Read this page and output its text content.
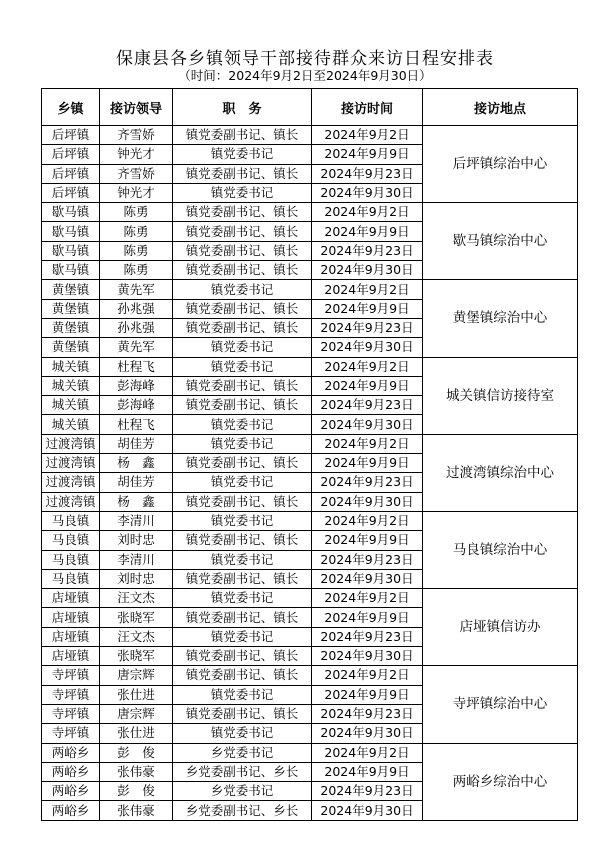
保康县各乡镇领导干部接待群众来访日程安排表
（时间：2024年9月2日至2024年9月30日）
乡镇	接访领导	职　务	接访时间	接访地点
后坪镇	齐雪娇	镇党委副书记、镇长	2024年9月2日	后坪镇综治中心
后坪镇	钟光才	镇党委书记	2024年9月9日	
后坪镇	齐雪娇	镇党委副书记、镇长	2024年9月23日	
后坪镇	钟光才	镇党委书记	2024年9月30日	
歇马镇	陈勇	镇党委副书记、镇长	2024年9月2日	歇马镇综治中心
歇马镇	陈勇	镇党委副书记、镇长	2024年9月9日	
歇马镇	陈勇	镇党委副书记、镇长	2024年9月23日	
歇马镇	陈勇	镇党委副书记、镇长	2024年9月30日	
黄堡镇	黄先军	镇党委书记	2024年9月2日	黄堡镇综治中心
黄堡镇	孙兆强	镇党委副书记、镇长	2024年9月9日	
黄堡镇	孙兆强	镇党委副书记、镇长	2024年9月23日	
黄堡镇	黄先军	镇党委书记	2024年9月30日	
城关镇	杜程飞	镇党委书记	2024年9月2日	城关镇信访接待室
城关镇	彭海峰	镇党委副书记、镇长	2024年9月9日	
城关镇	彭海峰	镇党委副书记、镇长	2024年9月23日	
城关镇	杜程飞	镇党委书记	2024年9月30日	
过渡湾镇	胡佳芳	镇党委书记	2024年9月2日	过渡湾镇综治中心
过渡湾镇	杨　鑫	镇党委副书记、镇长	2024年9月9日	
过渡湾镇	胡佳芳	镇党委书记	2024年9月23日	
过渡湾镇	杨　鑫	镇党委副书记、镇长	2024年9月30日	
马良镇	李清川	镇党委书记	2024年9月2日	马良镇综治中心
马良镇	刘时忠	镇党委副书记、镇长	2024年9月9日	
马良镇	李清川	镇党委书记	2024年9月23日	
马良镇	刘时忠	镇党委副书记、镇长	2024年9月30日	
店垭镇	汪文杰	镇党委书记	2024年9月2日	店垭镇信访办
店垭镇	张晓军	镇党委副书记、镇长	2024年9月9日	
店垭镇	汪文杰	镇党委书记	2024年9月23日	
店垭镇	张晓军	镇党委副书记、镇长	2024年9月30日	
寺坪镇	唐宗辉	镇党委副书记、镇长	2024年9月2日	寺坪镇综治中心
寺坪镇	张仕进	镇党委书记	2024年9月9日	
寺坪镇	唐宗辉	镇党委副书记、镇长	2024年9月23日	
寺坪镇	张仕进	镇党委书记	2024年9月30日	
两峪乡	彭　俊	乡党委书记	2024年9月2日	两峪乡综治中心
两峪乡	张伟豪	乡党委副书记、乡长	2024年9月9日	
两峪乡	彭　俊	乡党委书记	2024年9月23日	
两峪乡	张伟豪	乡党委副书记、乡长	2024年9月30日	
